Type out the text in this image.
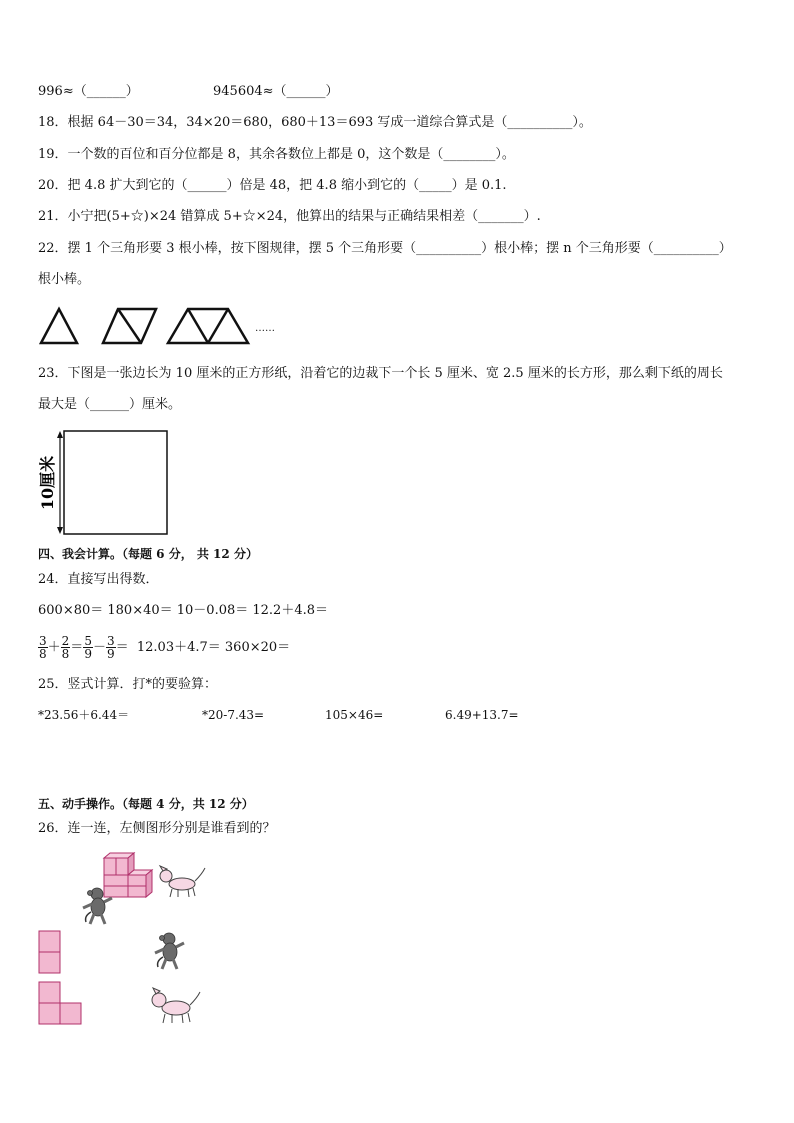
996≈（______）	945604≈（______）
18．根据 64－30＝34，34×20＝680，680＋13＝693 写成一道综合算式是（__________）。
19．一个数的百位和百分位都是 8，其余各数位上都是 0，这个数是（________）。
20．把 4.8 扩大到它的（______）倍是 48，把 4.8 缩小到它的（_____）是 0.1.
21．小宁把(5+☆)×24 错算成 5+☆×24，他算出的结果与正确结果相差（_______）.
22．摆 1 个三角形要 3 根小棒，按下图规律，摆 5 个三角形要（__________）根小棒；摆 n 个三角形要（__________）
根小棒。
……
23．下图是一张边长为 10 厘米的正方形纸，沿着它的边裁下一个长 5 厘米、宽 2.5 厘米的长方形，那么剩下纸的周长
最大是（______）厘米。
10厘米
四、我会计算。（每题 6 分， 共 12 分）
24．直接写出得数．
600×80＝ 180×40＝ 10－0.08＝ 12.2＋4.8＝
$\frac{3}{8} + \frac{2}{8} = \frac{5}{9} - \frac{3}{9} = 12.03+4.7= 360\times 20=$
25．竖式计算．打*的要验算：
*23.56＋6.44＝	*20-7.43=	105×46=	6.49+13.7=
五、动手操作。（每题 4 分，共 12 分）
26．连一连，左侧图形分别是谁看到的？
